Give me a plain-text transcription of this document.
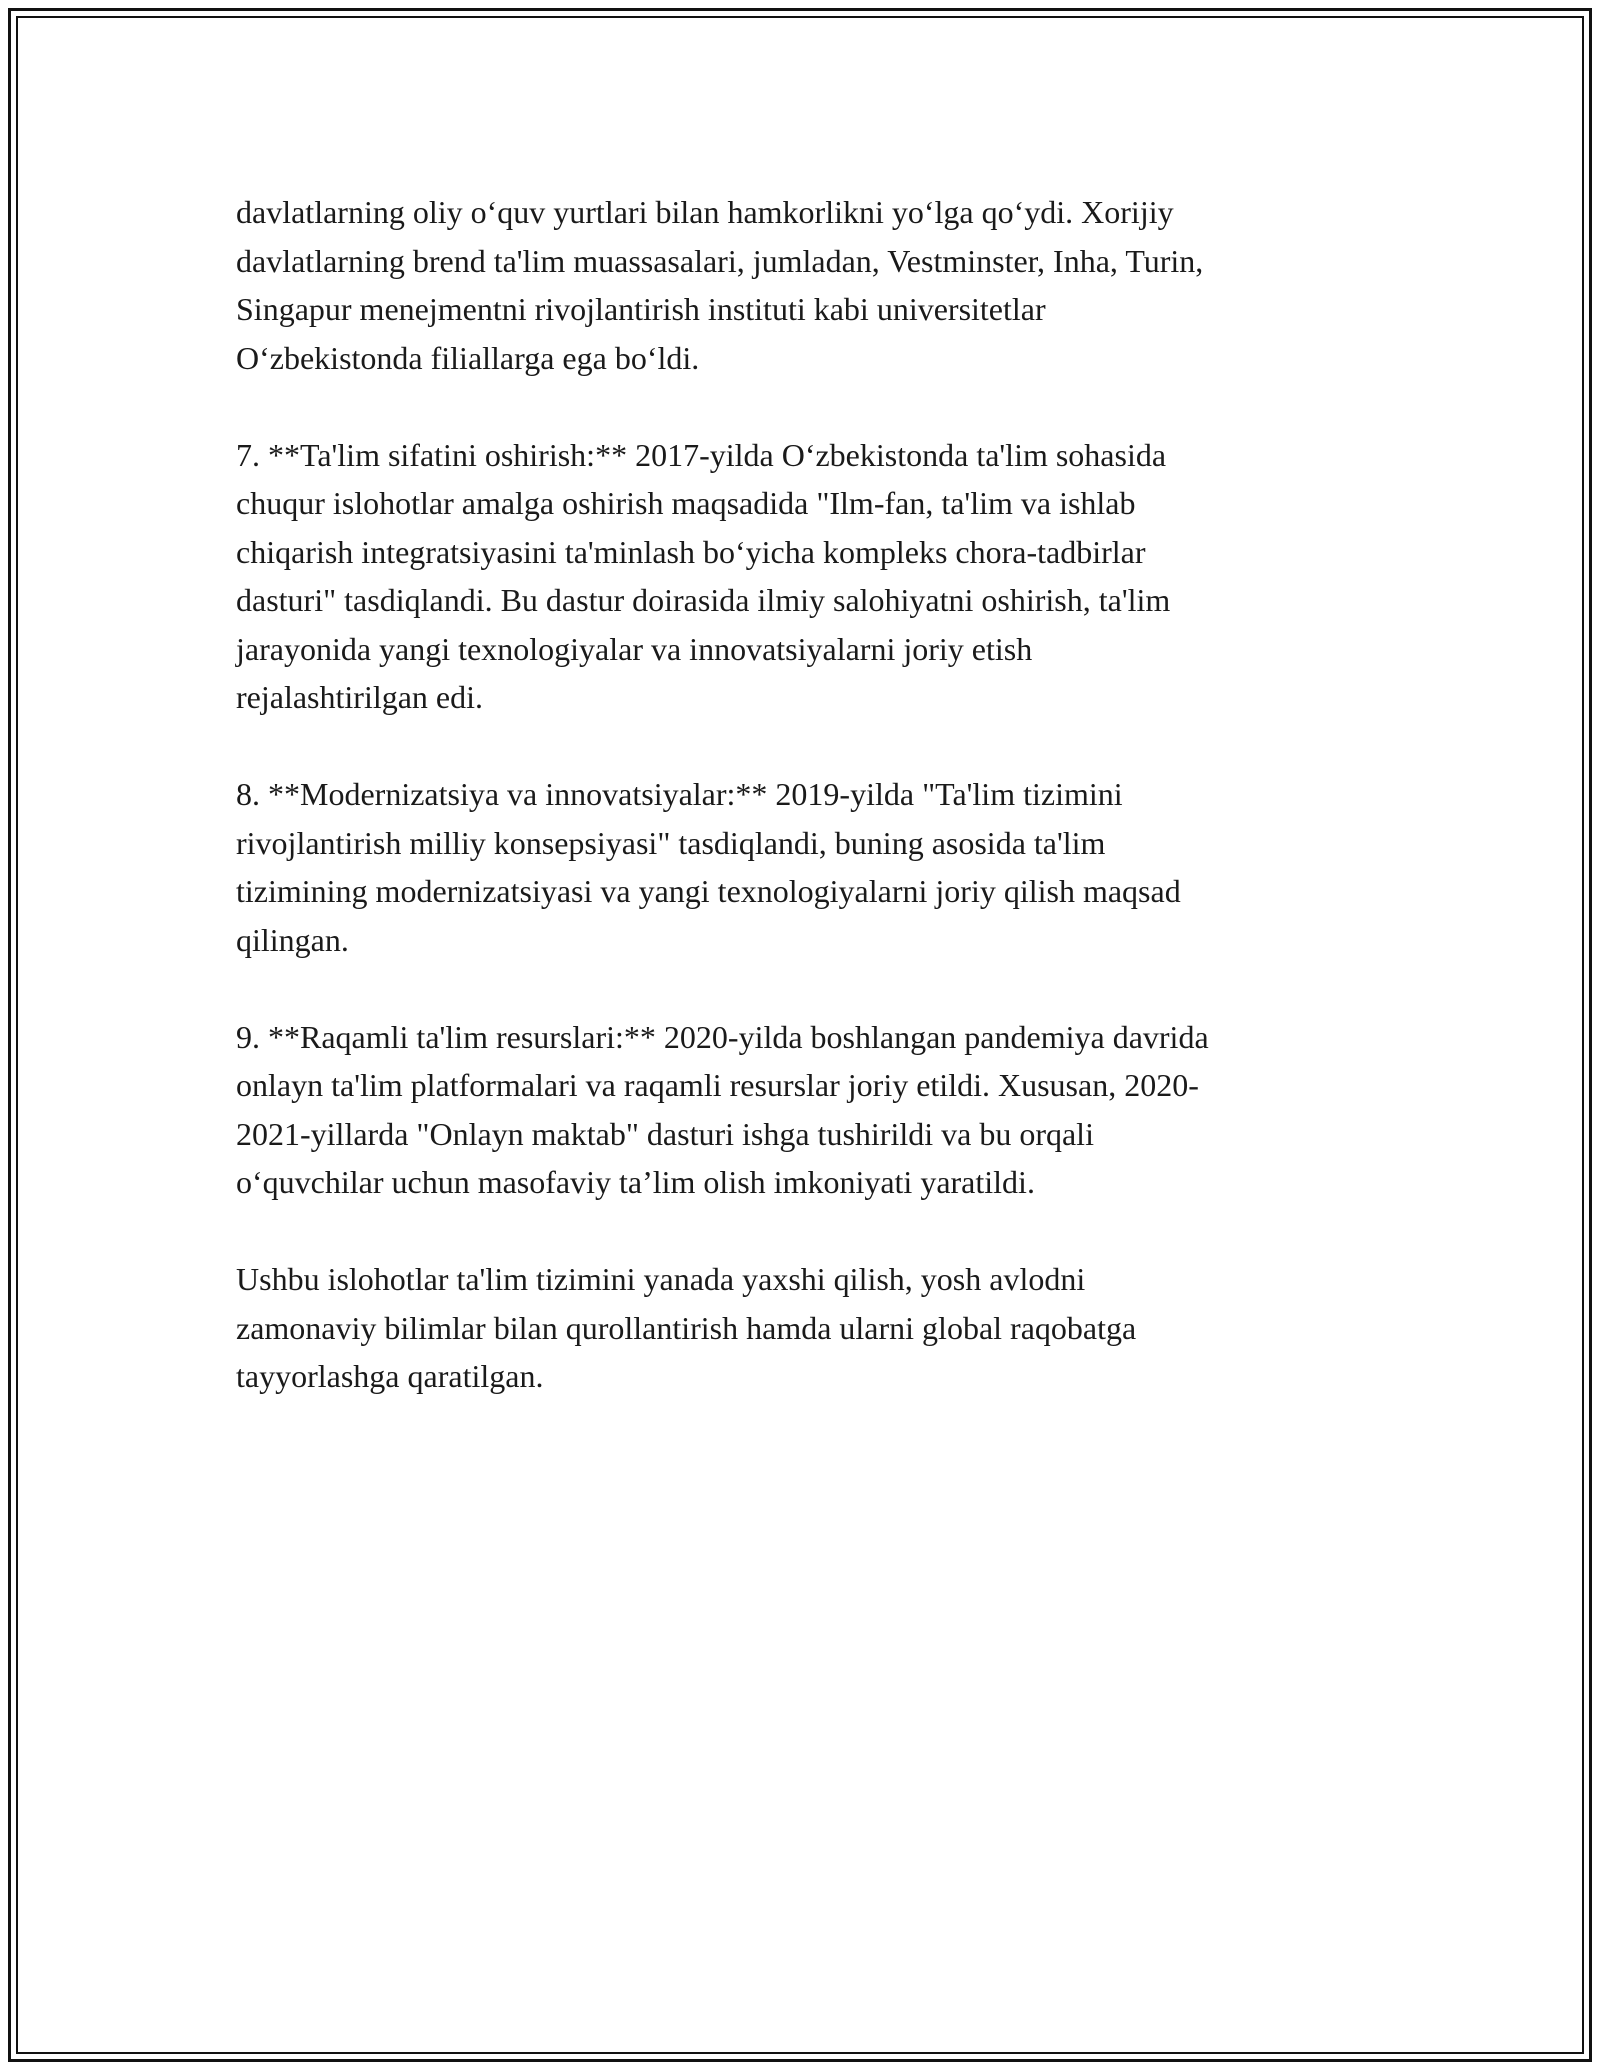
davlatlarning oliy o‘quv yurtlari bilan hamkorlikni yo‘lga qo‘ydi. Xorijiy
davlatlarning brend ta'lim muassasalari, jumladan, Vestminster, Inha, Turin,
Singapur menejmentni rivojlantirish instituti kabi universitetlar
O‘zbekistonda filiallarga ega bo‘ldi.

7. **Ta'lim sifatini oshirish:** 2017-yilda O‘zbekistonda ta'lim sohasida
chuqur islohotlar amalga oshirish maqsadida "Ilm-fan, ta'lim va ishlab
chiqarish integratsiyasini ta'minlash bo‘yicha kompleks chora-tadbirlar
dasturi" tasdiqlandi. Bu dastur doirasida ilmiy salohiyatni oshirish, ta'lim
jarayonida yangi texnologiyalar va innovatsiyalarni joriy etish
rejalashtirilgan edi.

8. **Modernizatsiya va innovatsiyalar:** 2019-yilda "Ta'lim tizimini
rivojlantirish milliy konsepsiyasi" tasdiqlandi, buning asosida ta'lim
tizimining modernizatsiyasi va yangi texnologiyalarni joriy qilish maqsad
qilingan.

9. **Raqamli ta'lim resurslari:** 2020-yilda boshlangan pandemiya davrida
onlayn ta'lim platformalari va raqamli resurslar joriy etildi. Xususan, 2020-
2021-yillarda "Onlayn maktab" dasturi ishga tushirildi va bu orqali
o‘quvchilar uchun masofaviy ta’lim olish imkoniyati yaratildi.

Ushbu islohotlar ta'lim tizimini yanada yaxshi qilish, yosh avlodni
zamonaviy bilimlar bilan qurollantirish hamda ularni global raqobatga
tayyorlashga qaratilgan.
